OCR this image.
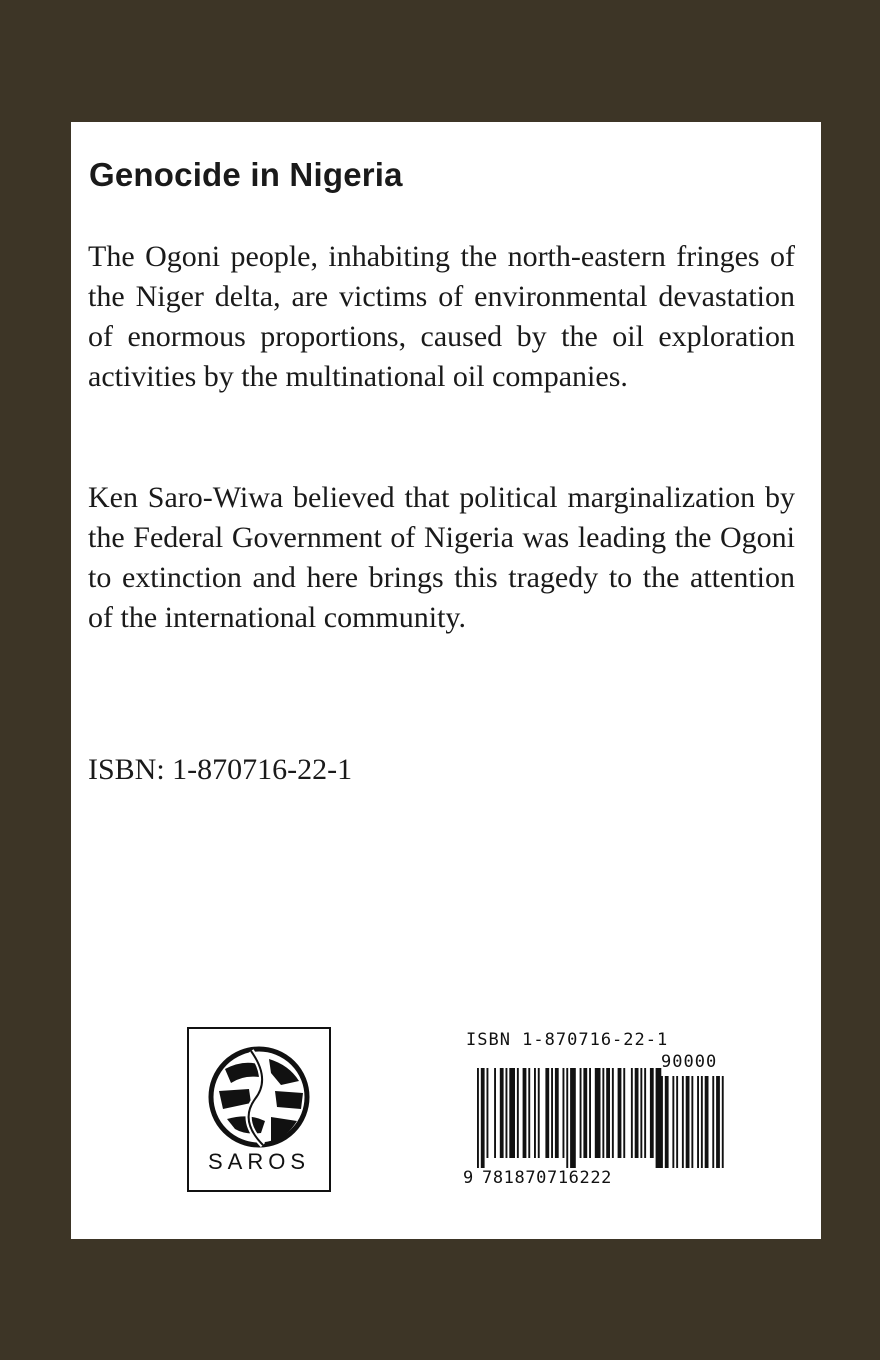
Genocide in Nigeria

The Ogoni people, inhabiting the north-eastern fringes of the Niger delta, are victims of environmental devastation of enormous proportions, caused by the oil exploration activities by the multinational oil companies.

Ken Saro-Wiwa believed that political marginalization by the Federal Government of Nigeria was leading the Ogoni to extinction and here brings this tragedy to the attention of the international community.

ISBN: 1-870716-22-1

SAROS
ISBN 1-870716-22-1
90000
9 781870716222
